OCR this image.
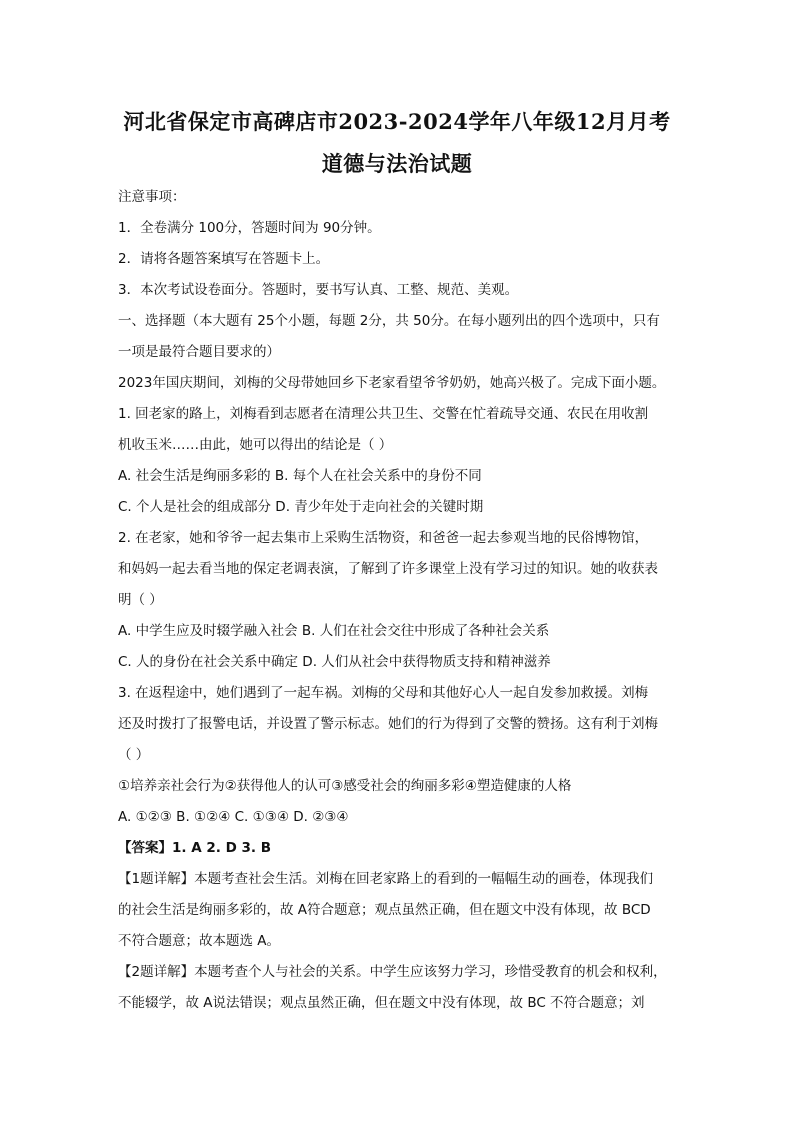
河北省保定市高碑店市2023-2024学年八年级12月月考
道德与法治试题
注意事项：
1．全卷满分 100分，答题时间为 90分钟。
2．请将各题答案填写在答题卡上。
3．本次考试设卷面分。答题时，要书写认真、工整、规范、美观。
一、选择题（本大题有 25个小题，每题 2分，共 50分。在每小题列出的四个选项中，只有
一项是最符合题目要求的）
2023年国庆期间，刘梅的父母带她回乡下老家看望爷爷奶奶，她高兴极了。完成下面小题。
1. 回老家的路上，刘梅看到志愿者在清理公共卫生、交警在忙着疏导交通、农民在用收割
机收玉米……由此，她可以得出的结论是（ ）
A. 社会生活是绚丽多彩的 B. 每个人在社会关系中的身份不同
C. 个人是社会的组成部分 D. 青少年处于走向社会的关键时期
2. 在老家，她和爷爷一起去集市上采购生活物资，和爸爸一起去参观当地的民俗博物馆，
和妈妈一起去看当地的保定老调表演，了解到了许多课堂上没有学习过的知识。她的收获表
明（ ）
A. 中学生应及时辍学融入社会 B. 人们在社会交往中形成了各种社会关系
C. 人的身份在社会关系中确定 D. 人们从社会中获得物质支持和精神滋养
3. 在返程途中，她们遇到了一起车祸。刘梅的父母和其他好心人一起自发参加救援。刘梅
还及时拨打了报警电话，并设置了警示标志。她们的行为得到了交警的赞扬。这有利于刘梅
（ ）
①培养亲社会行为②获得他人的认可③感受社会的绚丽多彩④塑造健康的人格
A. ①②③ B. ①②④ C. ①③④ D. ②③④
【答案】1. A 2. D 3. B
【1题详解】本题考查社会生活。刘梅在回老家路上的看到的一幅幅生动的画卷，体现我们
的社会生活是绚丽多彩的，故 A符合题意；观点虽然正确，但在题文中没有体现，故 BCD
不符合题意；故本题选 A。
【2题详解】本题考查个人与社会的关系。中学生应该努力学习，珍惜受教育的机会和权利，
不能辍学，故 A说法错误；观点虽然正确，但在题文中没有体现，故 BC 不符合题意；刘
